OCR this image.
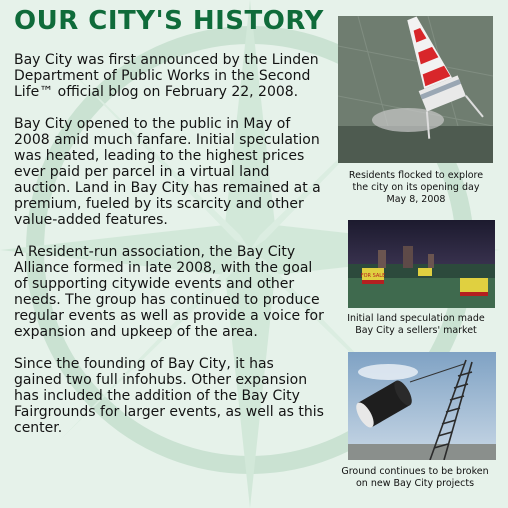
OUR CITY'S HISTORY

Bay City was first announced by the Linden Department of Public Works in the Second Life™ official blog on February 22, 2008.

Bay City opened to the public in May of 2008 amid much fanfare. Initial speculation was heated, leading to the highest prices ever paid per parcel in a virtual land auction. Land in Bay City has remained at a premium, fueled by its scarcity and other value-added features.

A Resident-run association, the Bay City Alliance formed in late 2008, with the goal of supporting citywide events and other needs. The group has continued to produce regular events as well as provide a voice for expansion and upkeep of the area.

Since the founding of Bay City, it has gained two full infohubs. Other expansion has included the addition of the Bay City Fairgrounds for larger events, as well as this center.

Residents flocked to explore
the city on its opening day
May 8, 2008
FOR SALE
Initial land speculation made
Bay City a sellers' market
Ground continues to be broken
on new Bay City projects
